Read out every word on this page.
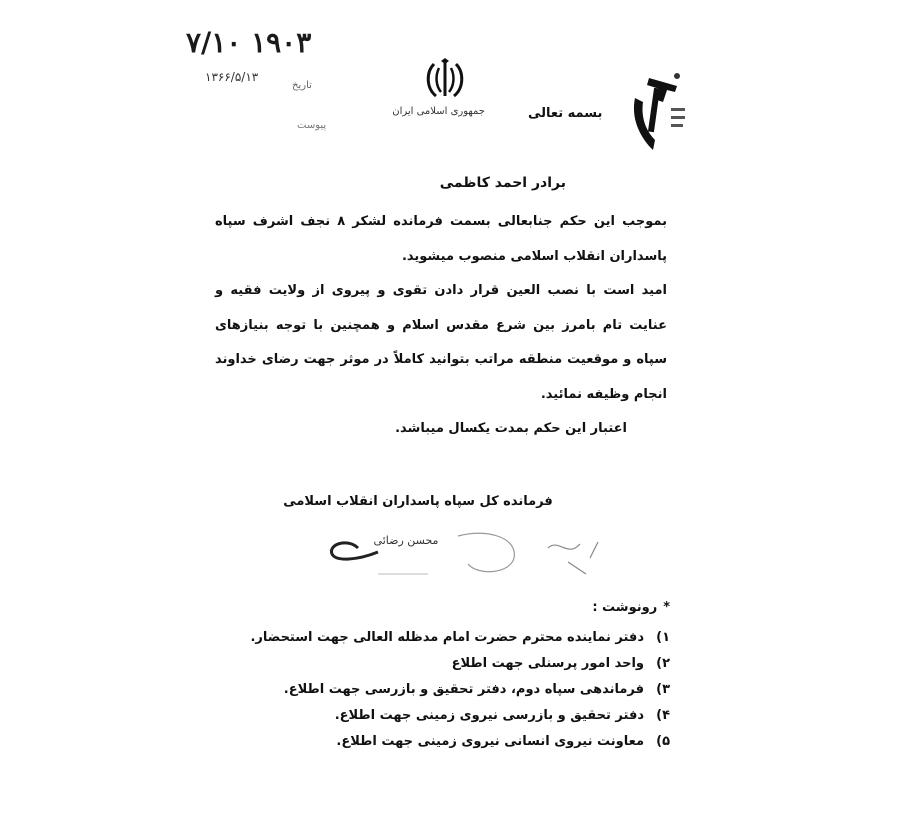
۷/۱۰ ۱۹۰۳
۱۳۶۶/۵/۱۳
تاریخ
پیوست
جمهوری اسلامی ایران	بسمه تعالی
برادر احمد کاظمی

بموجب این حکم جنابعالی بسمت فرمانده لشکر ۸ نجف اشرف سپاه پاسداران انقلاب اسلامی منصوب میشوید.

امید است با نصب العین قرار دادن تقوی و پیروی از ولایت فقیه و عنایت تام بامرز بین شرع مقدس اسلام و همچنین با توجه بنیازهای سپاه و موقعیت منطقه مراتب بتوانید کاملاً در موثر جهت رضای خداوند انجام وظیفه نمائید.

اعتبار این حکم بمدت یکسال میباشد.

فرمانده کل سپاه پاسداران انقلاب اسلامی
محسن رضائی
*رونوشت :
۱)دفتر نماینده محترم حضرت امام مدظله العالی جهت استحضار.
۲)واحد امور پرسنلی جهت اطلاع
۳)فرماندهی سپاه دوم، دفتر تحقیق و بازرسی جهت اطلاع.
۴)دفتر تحقیق و بازرسی نیروی زمینی جهت اطلاع.
۵)معاونت نیروی انسانی نیروی زمینی جهت اطلاع.
